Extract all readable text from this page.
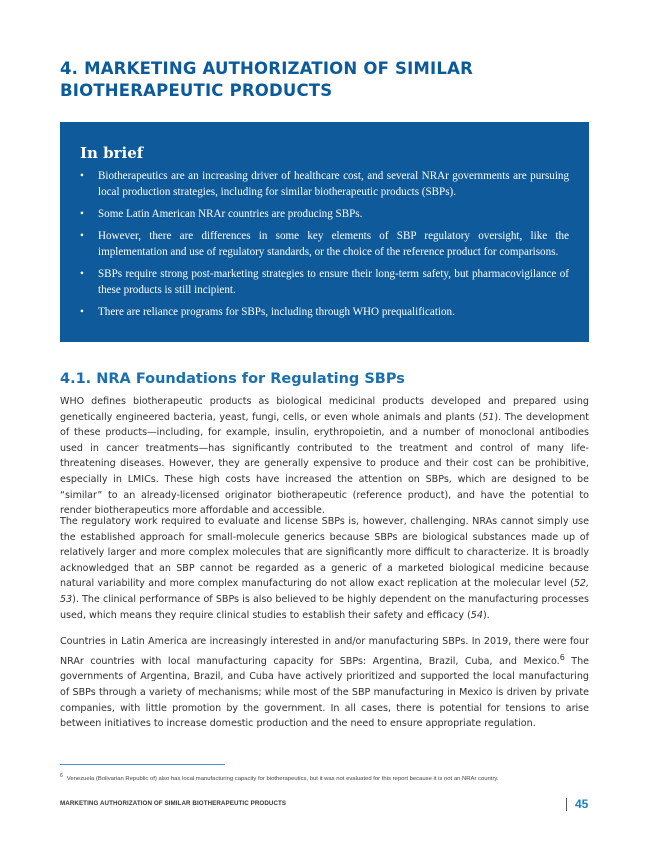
4. MARKETING AUTHORIZATION OF SIMILAR BIOTHERAPEUTIC PRODUCTS
In brief
• Biotherapeutics are an increasing driver of healthcare cost, and several NRAr governments are pursuing local production strategies, including for similar biotherapeutic products (SBPs).
• Some Latin American NRAr countries are producing SBPs.
• However, there are differences in some key elements of SBP regulatory oversight, like the implementation and use of regulatory standards, or the choice of the reference product for comparisons.
• SBPs require strong post-marketing strategies to ensure their long-term safety, but pharmacovigilance of these products is still incipient.
• There are reliance programs for SBPs, including through WHO prequalification.
4.1. NRA Foundations for Regulating SBPs

WHO defines biotherapeutic products as biological medicinal products developed and prepared using genetically engineered bacteria, yeast, fungi, cells, or even whole animals and plants (51). The development of these products—including, for example, insulin, erythropoietin, and a number of monoclonal antibodies used in cancer treatments—has significantly contributed to the treatment and control of many life-threatening diseases. However, they are generally expensive to produce and their cost can be prohibitive, especially in LMICs. These high costs have increased the attention on SBPs, which are designed to be “similar” to an already-licensed originator biotherapeutic (reference product), and have the potential to render biotherapeutics more affordable and accessible.

The regulatory work required to evaluate and license SBPs is, however, challenging. NRAs cannot simply use the established approach for small-molecule generics because SBPs are biological substances made up of relatively larger and more complex molecules that are significantly more difficult to characterize. It is broadly acknowledged that an SBP cannot be regarded as a generic of a marketed biological medicine because natural variability and more complex manufacturing do not allow exact replication at the molecular level (52, 53). The clinical performance of SBPs is also believed to be highly dependent on the manufacturing processes used, which means they require clinical studies to establish their safety and efficacy (54).

Countries in Latin America are increasingly interested in and/or manufacturing SBPs. In 2019, there were four NRAr countries with local manufacturing capacity for SBPs: Argentina, Brazil, Cuba, and Mexico.$^6$ The governments of Argentina, Brazil, and Cuba have actively prioritized and supported the local manufacturing of SBPs through a variety of mechanisms; while most of the SBP manufacturing in Mexico is driven by private companies, with little promotion by the government. In all cases, there is potential for tensions to arise between initiatives to increase domestic production and the need to ensure appropriate regulation.

$^6$ Venezuela (Bolivarian Republic of) also has local manufacturing capacity for biotherapeutics, but it was not evaluated for this report because it is not an NRAr country.

MARKETING AUTHORIZATION OF SIMILAR BIOTHERAPEUTIC PRODUCTS	45
